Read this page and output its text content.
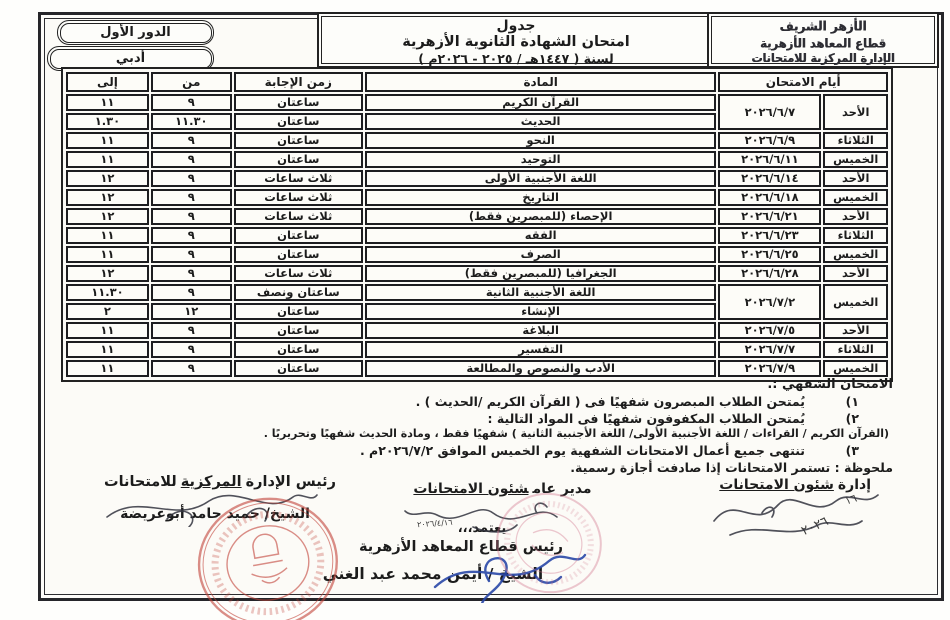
الدور الأول
أدبي
جدول
امتحان الشهادة الثانوية الأزهرية
لسنة ( ١٤٤٧هـ / ٢٠٢٥ - ٢٠٢٦م )
الأزهر الشريف
قطاع المعاهد الأزهرية
الإدارة المركزية للامتحانات
أيام الامتحان		المادة	زمن الإجابة	من	إلى
الأحد	٢٠٢٦/٦/٧	القرآن الكريم	ساعتان	٩	١١
		الحديث	ساعتان	١١.٣٠	١.٣٠
الثلاثاء	٢٠٢٦/٦/٩	النحو	ساعتان	٩	١١
الخميس	٢٠٢٦/٦/١١	التوحيد	ساعتان	٩	١١
الأحد	٢٠٢٦/٦/١٤	اللغة الأجنبية الأولى	ثلاث ساعات	٩	١٢
الخميس	٢٠٢٦/٦/١٨	التاريخ	ثلاث ساعات	٩	١٢
الأحد	٢٠٢٦/٦/٢١	الإحصاء (للمبصرين فقط)	ثلاث ساعات	٩	١٢
الثلاثاء	٢٠٢٦/٦/٢٣	الفقه	ساعتان	٩	١١
الخميس	٢٠٢٦/٦/٢٥	الصرف	ساعتان	٩	١١
الأحد	٢٠٢٦/٦/٢٨	الجغرافيا (للمبصرين فقط)	ثلاث ساعات	٩	١٢
الخميس	٢٠٢٦/٧/٢	اللغة الأجنبية الثانية	ساعتان ونصف	٩	١١.٣٠
		الإنشاء	ساعتان	١٢	٢
الأحد	٢٠٢٦/٧/٥	البلاغة	ساعتان	٩	١١
الثلاثاء	٢٠٢٦/٧/٧	التفسير	ساعتان	٩	١١
الخميس	٢٠٢٦/٧/٩	الأدب والنصوص والمطالعة	ساعتان	٩	١١
الامتحان الشفهي :.
١)يُمتحن الطلاب المبصرون شفهيًا فى ( القرآن الكريم /الحديث ) .
٢)يُمتحن الطلاب المكفوفون شفهيًا فى المواد التالية :
(القرآن الكريم / القراءات / اللغة الأجنبية الأولى/ اللغة الأجنبية الثانية ) شفهيًا فقط ، ومادة الحديث شفهيًا وتحريريًا .
٣)تنتهى جميع أعمال الامتحانات الشفهية يوم الخميس الموافق ٢٠٢٦/٧/٢م .
ملحوظة : تستمر الامتحانات إذا صادفت أجازة رسمية.
إدارةشئون الامتحانات
مدير عامشئون الامتحانات
رئيس الإدارةالمركزيةللامتحانات
الشيخ/ حميد حامد أبوعريضة
يعتمد،،،
رئيس قطاع المعاهد الأزهرية
الشيخ / أيمن محمد عبد الغني
١٦
٢٠٢٦
٢٠٢٦/٤/١٦
